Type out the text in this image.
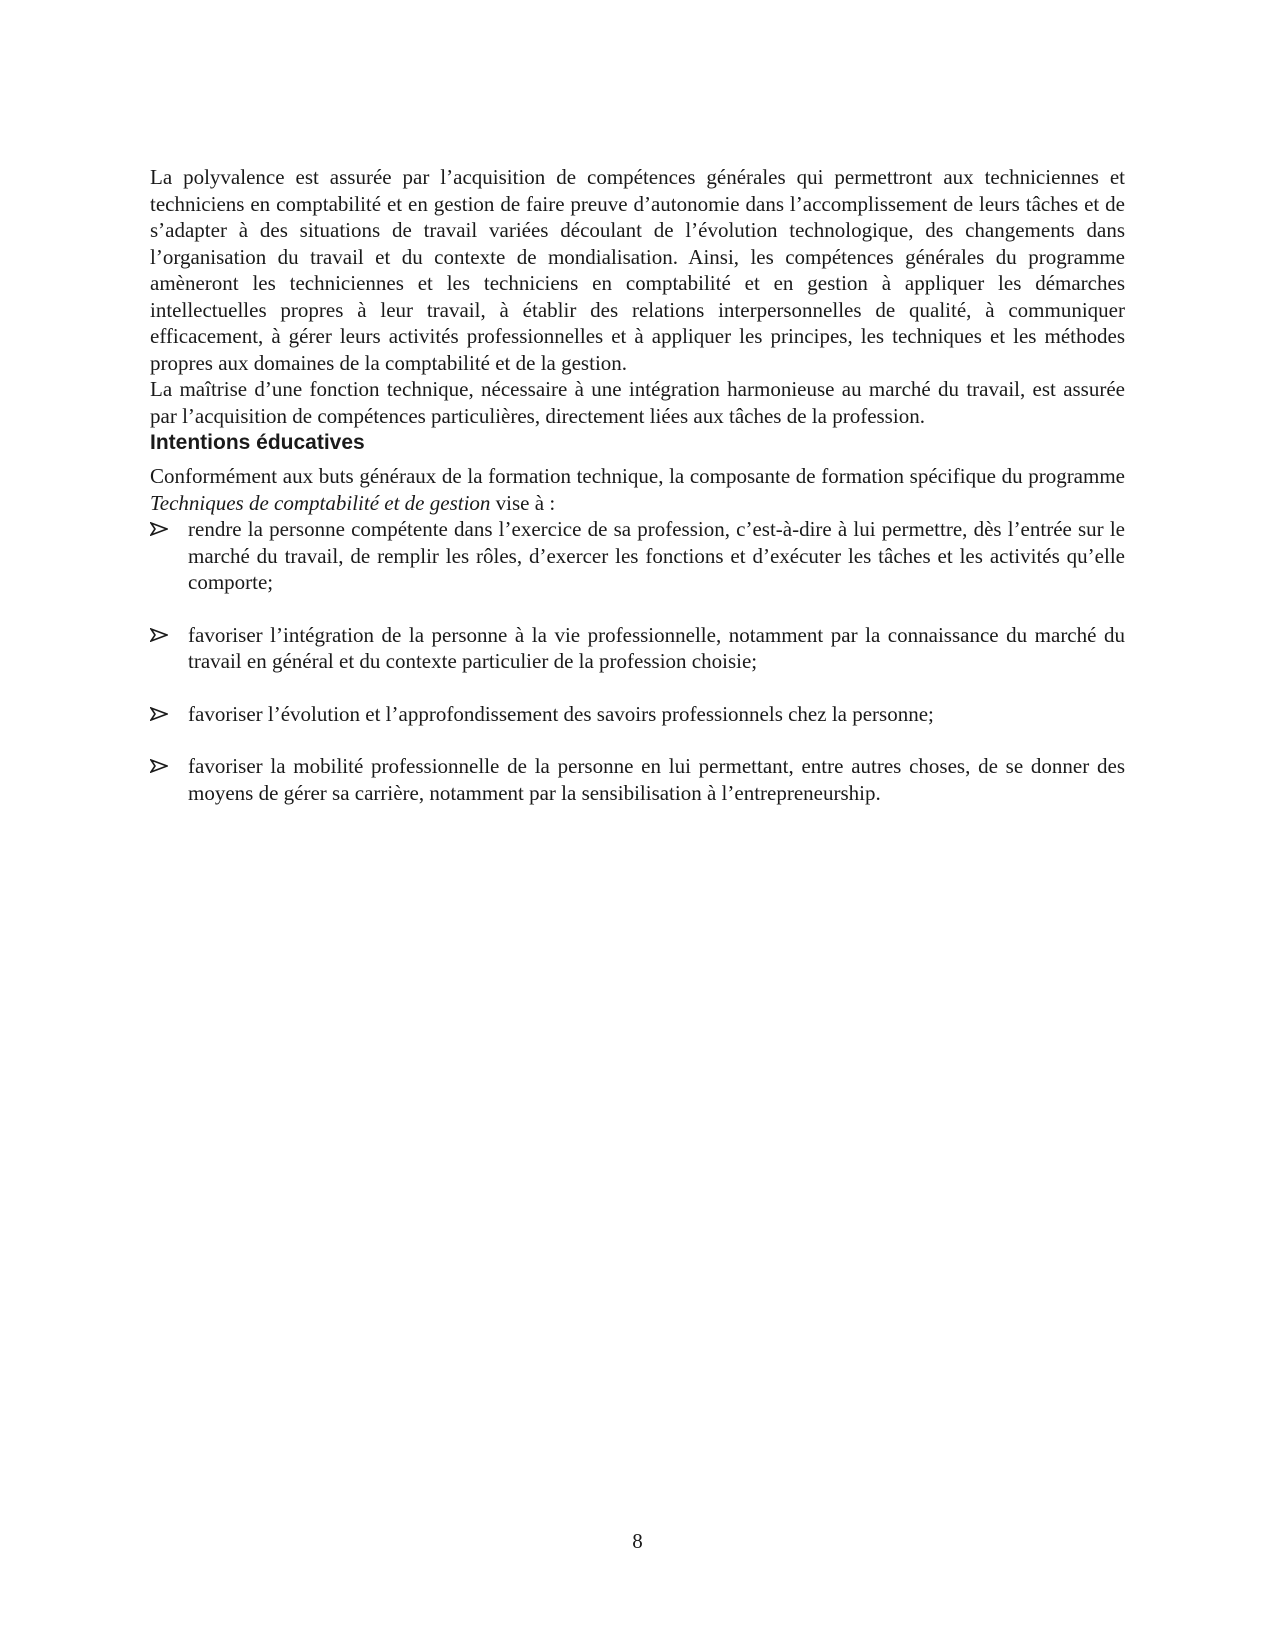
La polyvalence est assurée par l’acquisition de compétences générales qui permettront aux techniciennes et techniciens en comptabilité et en gestion de faire preuve d’autonomie dans l’accomplissement de leurs tâches et de s’adapter à des situations de travail variées découlant de l’évolution technologique, des changements dans l’organisation du travail et du contexte de mondialisation. Ainsi, les compétences générales du programme amèneront les techniciennes et les techniciens en comptabilité et en gestion à appliquer les démarches intellectuelles propres à leur travail, à établir des relations interpersonnelles de qualité, à communiquer efficacement, à gérer leurs activités professionnelles et à appliquer les principes, les techniques et les méthodes propres aux domaines de la comptabilité et de la gestion.

La maîtrise d’une fonction technique, nécessaire à une intégration harmonieuse au marché du travail, est assurée par l’acquisition de compétences particulières, directement liées aux tâches de la profession.

Intentions éducatives

Conformément aux buts généraux de la formation technique, la composante de formation spécifique du programme Techniques de comptabilité et de gestion vise à :

rendre la personne compétente dans l’exercice de sa profession, c’est-à-dire à lui permettre, dès l’entrée sur le marché du travail, de remplir les rôles, d’exercer les fonctions et d’exécuter les tâches et les activités qu’elle comporte;

favoriser l’intégration de la personne à la vie professionnelle, notamment par la connaissance du marché du travail en général et du contexte particulier de la profession choisie;

favoriser l’évolution et l’approfondissement des savoirs professionnels chez la personne;

favoriser la mobilité professionnelle de la personne en lui permettant, entre autres choses, de se donner des moyens de gérer sa carrière, notamment par la sensibilisation à l’entrepreneurship.

8
